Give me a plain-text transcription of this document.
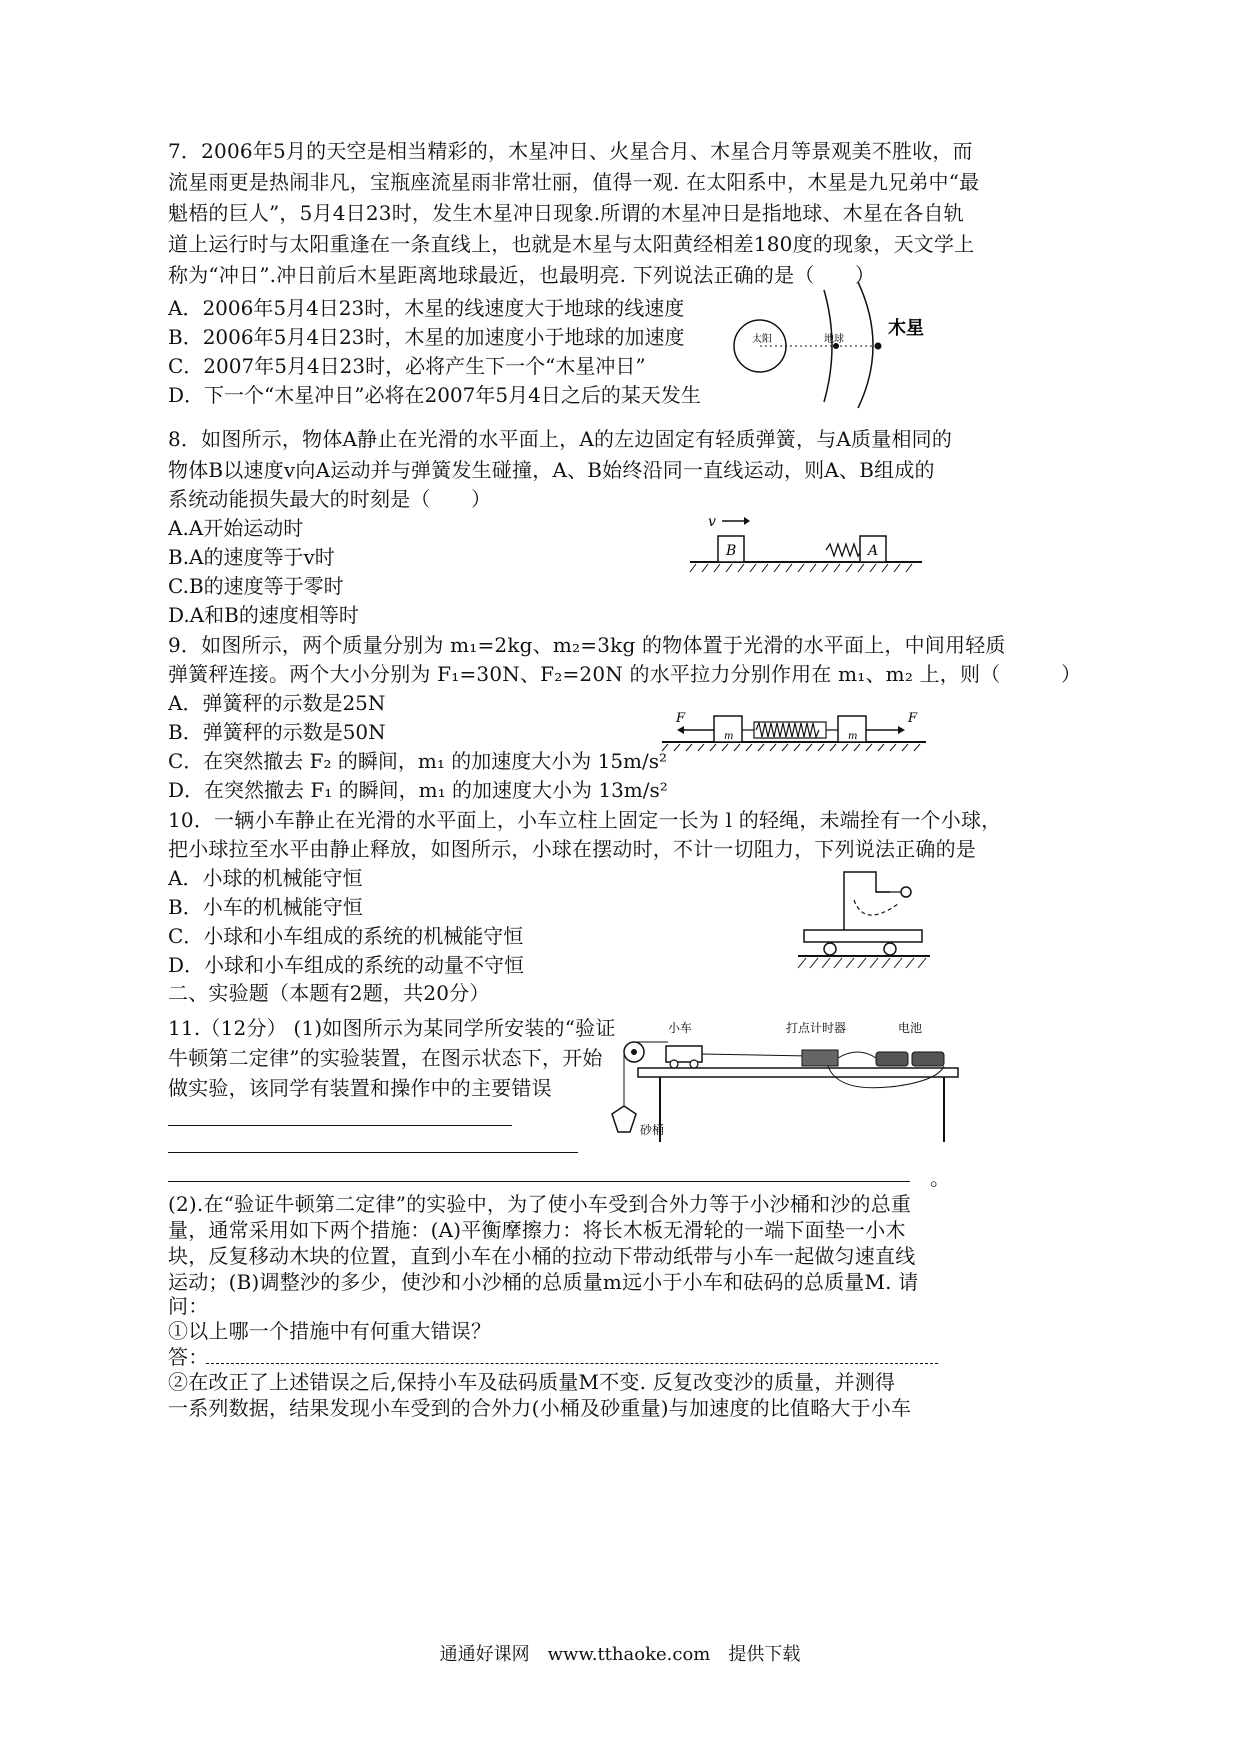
7．2006年5月的天空是相当精彩的，木星冲日、火星合月、木星合月等景观美不胜收，而
流星雨更是热闹非凡，宝瓶座流星雨非常壮丽，值得一观. 在太阳系中，木星是九兄弟中“最
魁梧的巨人”，5月4日23时，发生木星冲日现象.所谓的木星冲日是指地球、木星在各自轨
道上运行时与太阳重逢在一条直线上，也就是木星与太阳黄经相差180度的现象，天文学上
称为“冲日”.冲日前后木星距离地球最近，也最明亮. 下列说法正确的是（　　）
A．2006年5月4日23时，木星的线速度大于地球的线速度
B．2006年5月4日23时，木星的加速度小于地球的加速度
C．2007年5月4日23时，必将产生下一个“木星冲日”
D．下一个“木星冲日”必将在2007年5月4日之后的某天发生
太阳	地球
木星
8．如图所示，物体A静止在光滑的水平面上，A的左边固定有轻质弹簧，与A质量相同的
物体B以速度v向A运动并与弹簧发生碰撞，A、B始终沿同一直线运动，则A、B组成的
系统动能损失最大的时刻是（　　）
A.A开始运动时
B.A的速度等于v时
C.B的速度等于零时
D.A和B的速度相等时
B
v
A
9．如图所示，两个质量分别为 m₁=2kg、m₂=3kg 的物体置于光滑的水平面上，中间用轻质
弹簧秤连接。两个大小分别为 F₁=30N、F₂=20N 的水平拉力分别作用在 m₁、m₂ 上，则（　　　）
A．弹簧秤的示数是25N
B．弹簧秤的示数是50N
C．在突然撤去 F₂ 的瞬间，m₁ 的加速度大小为 15m/s²
D．在突然撤去 F₁ 的瞬间，m₁ 的加速度大小为 13m/s²
F
m	m
F
10．一辆小车静止在光滑的水平面上，小车立柱上固定一长为 l 的轻绳，未端拴有一个小球，
把小球拉至水平由静止释放，如图所示，小球在摆动时，不计一切阻力，下列说法正确的是
A．小球的机械能守恒
B．小车的机械能守恒
C．小球和小车组成的系统的机械能守恒
D．小球和小车组成的系统的动量不守恒
二、实验题（本题有2题，共20分）
11.（12分） (1)如图所示为某同学所安装的“验证
牛顿第二定律”的实验装置，在图示状态下，开始
做实验，该同学有装置和操作中的主要错误
。
砂桶
小车	打点计时器	电池
(2).在“验证牛顿第二定律”的实验中，为了使小车受到合外力等于小沙桶和沙的总重
量，通常采用如下两个措施：(A)平衡摩擦力：将长木板无滑轮的一端下面垫一小木
块，反复移动木块的位置，直到小车在小桶的拉动下带动纸带与小车一起做匀速直线
运动；(B)调整沙的多少，使沙和小沙桶的总质量m远小于小车和砝码的总质量M. 请
问：
①以上哪一个措施中有何重大错误？
答：
②在改正了上述错误之后,保持小车及砝码质量M不变. 反复改变沙的质量，并测得
一系列数据，结果发现小车受到的合外力(小桶及砂重量)与加速度的比值略大于小车
通通好课网　www.tthaoke.com　提供下载
